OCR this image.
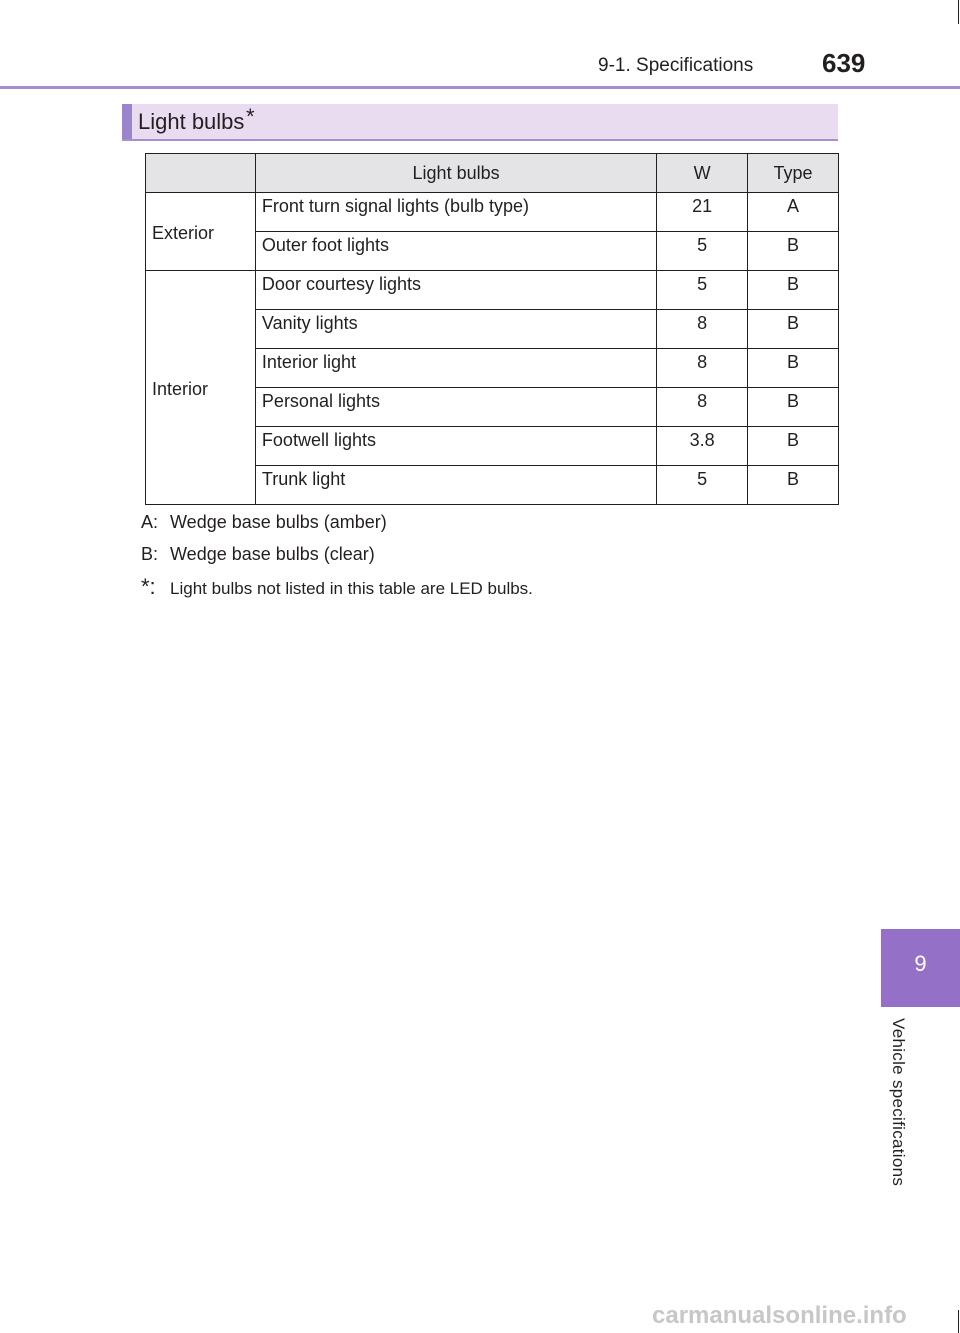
9-1. Specifications	639
Light bulbs *
	Light bulbs	W	Type
Exterior	Front turn signal lights (bulb type)	21	A
	Outer foot lights	5	B
Interior	Door courtesy lights	5	B
	Vanity lights	8	B
	Interior light	8	B
	Personal lights	8	B
	Footwell lights	3.8	B
	Trunk light	5	B
A: Wedge base bulbs (amber)
B: Wedge base bulbs (clear)
*: Light bulbs not listed in this table are LED bulbs.
9
Vehicle specifications
carmanualsonline.info
